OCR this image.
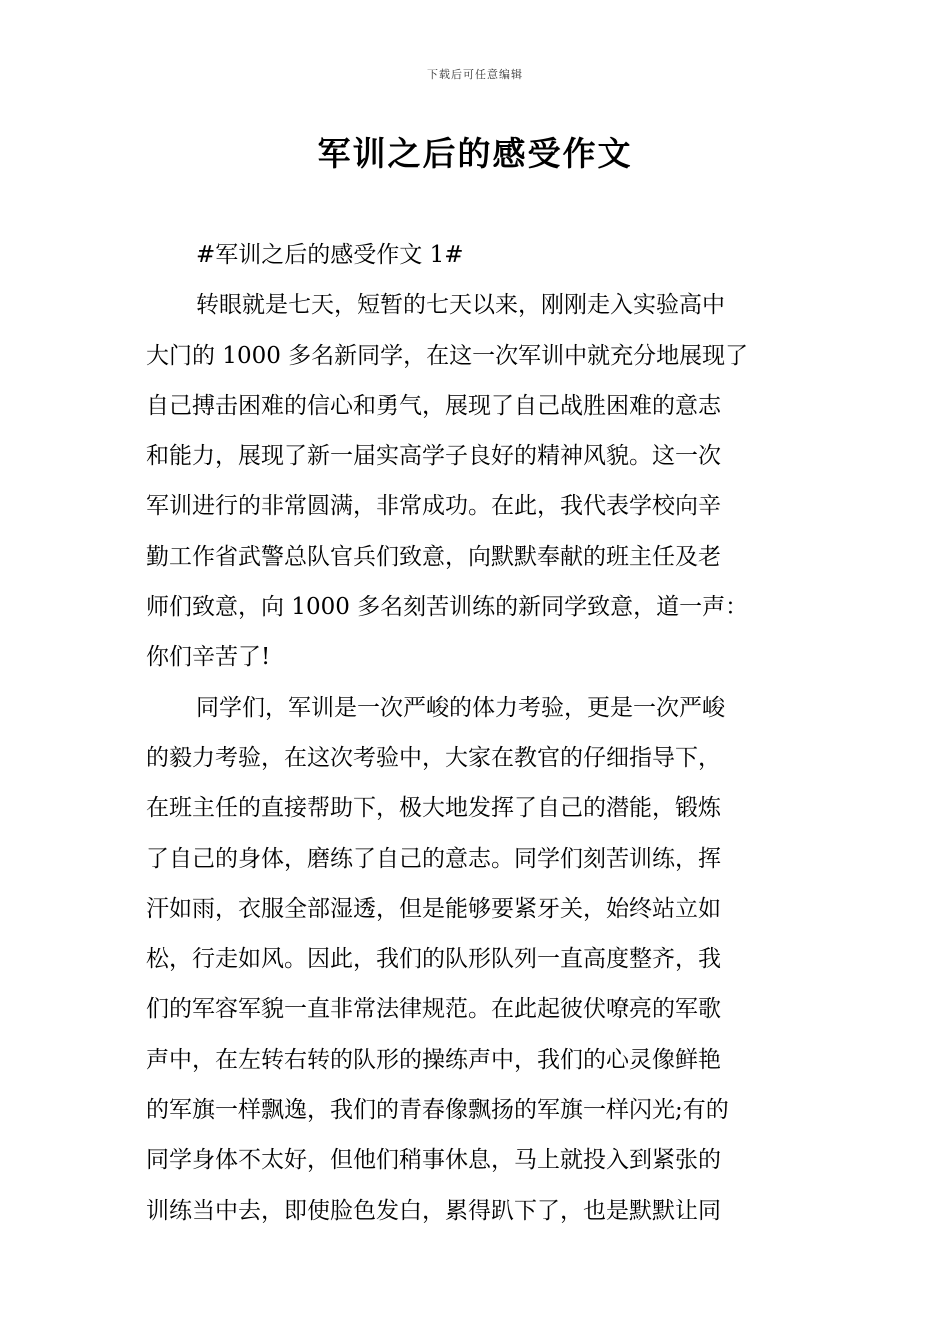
下载后可任意编辑
军训之后的感受作文
#军训之后的感受作文 1#
转眼就是七天，短暂的七天以来，刚刚走入实验高中
大门的 1000 多名新同学，在这一次军训中就充分地展现了
自己搏击困难的信心和勇气，展现了自己战胜困难的意志
和能力，展现了新一届实高学子良好的精神风貌。这一次
军训进行的非常圆满，非常成功。在此，我代表学校向辛
勤工作省武警总队官兵们致意，向默默奉献的班主任及老
师们致意，向 1000 多名刻苦训练的新同学致意，道一声：
你们辛苦了!
同学们，军训是一次严峻的体力考验，更是一次严峻
的毅力考验，在这次考验中，大家在教官的仔细指导下，
在班主任的直接帮助下，极大地发挥了自己的潜能，锻炼
了自己的身体，磨练了自己的意志。同学们刻苦训练，挥
汗如雨，衣服全部湿透，但是能够要紧牙关，始终站立如
松，行走如风。因此，我们的队形队列一直高度整齐，我
们的军容军貌一直非常法律规范。在此起彼伏嘹亮的军歌
声中，在左转右转的队形的操练声中，我们的心灵像鲜艳
的军旗一样飘逸，我们的青春像飘扬的军旗一样闪光;有的
同学身体不太好，但他们稍事休息，马上就投入到紧张的
训练当中去，即使脸色发白，累得趴下了，也是默默让同
